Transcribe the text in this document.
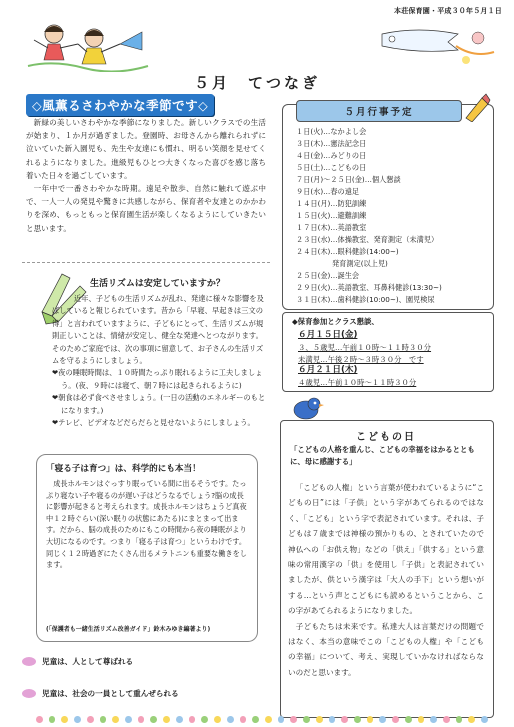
本荘保育園・平成３０年５月１日
５月　てつなぎ
◇風薫るさわやかな季節です◇
新緑の美しいさわやかな季節になりました。新しいクラスでの生活が始まり、１か月が過ぎました。登園時、お母さんから離れられずに泣いていた新入園児も、先生や友達にも慣れ、明るい笑顔を見せてくれるようになりました。進級児もひとつ大きくなった喜びを感じ落ち着いた日々を過ごしています。
一年中で一番さわやかな時期。遠足や散歩、自然に触れて遊ぶ中で、一人一人の発見や驚きに共感しながら、保育者や友達とのかかわりを深め、もっともっと保育園生活が楽しくなるようにしていきたいと思います。
生活リズムは安定していますか？
近年、子どもの生活リズムが乱れ、発達に様々な影響を及ぼしていると報じられています。昔から「早寝、早起きは三文の得」と言われていますように、子どもにとって、生活リズムが規則正しいことは、情緒が安定し、健全な発達へとつながります。そのためご家庭では、次の事項に留意して、お子さんの生活リズムを守るようにしましょう。
❤夜の睡眠時間は、１０時間たっぷり眠れるように工夫しましょう。(夜、９時には寝て、朝７時には起きられるように)
❤朝食は必ず食べさせましょう。(一日の活動のエネルギーのもとになります。)
❤テレビ、ビデオなどだらだらと見せないようにしましょう。
「寝る子は育つ」は、科学的にも本当！
成長ホルモンはぐっすり眠っている間に出るそうです。たっぷり寝ない子や寝るのが遅い子はどうなるでしょう?脳の成長に影響が起きると考えられます。成長ホルモンはちょうど真夜中１２時ぐらい(深い眠りの状態にあたる)にまとまって出ます。だから、脳の成長のためにもこの時間から夜の睡眠がより大切になるのです。つまり「寝る子は育つ」というわけです。同じく１２時過ぎにたくさん出るメラトニンも重要な働きをします。
(「保護者も一緒生活リズム改善ガイド」鈴木みゆき編著より)
児童は、人として尊ばれる
児童は、社会の一員として重んぜられる
５月行事予定
１日(火)…なかよし会
３日(木)…憲法記念日
４日(金)…みどりの日
５日(土)…こどもの日
７日(月)～２５日(金)…個人懇談
９日(水)…春の遠足
１４日(月)…防犯訓練
１５日(火)…避難訓練
１７日(木)…英語教室
２３日(水)…体操教室、発育測定（未満児）
２４日(木)…眼科健診(14:00~)
　　　　　発育測定(以上児)
２５日(金)…誕生会
２９日(火)…英語教室、耳鼻科健診(13:30~)
３１日(木)…歯科健診(10:00~)、園児検尿
◆保育参加とクラス懇談、
６月１５日(金)
３、５歳児…午前１０時～１１時３０分
未満児…午後２時～３時３０分　です
６月２１日(木)
４歳児…午前１０時～１１時３０分
こどもの日
「こどもの人格を重んじ、こどもの幸福をはかるとともに、母に感謝する」
「こどもの人権」という言葉が使われているように“こどもの日”には「子供」という字があてられるのではなく、「こども」という字で表記されています。それは、子どもは７歳までは神様の預かりもの、とされていたので神仏への「お供え物」などの「供え」「供する」という意味の常用漢字の「供」を使用し「子供」と表記されていましたが、供という漢字は「大人の手下」という想いがする…という声とこどもにも読めるということから、この字があてられるようになりました。
子どもたちは未来です。私達大人は言葉だけの問題ではなく、本当の意味でこの「こどもの人権」や「こどもの幸福」について、考え、実現していかなければならないのだと思います。
